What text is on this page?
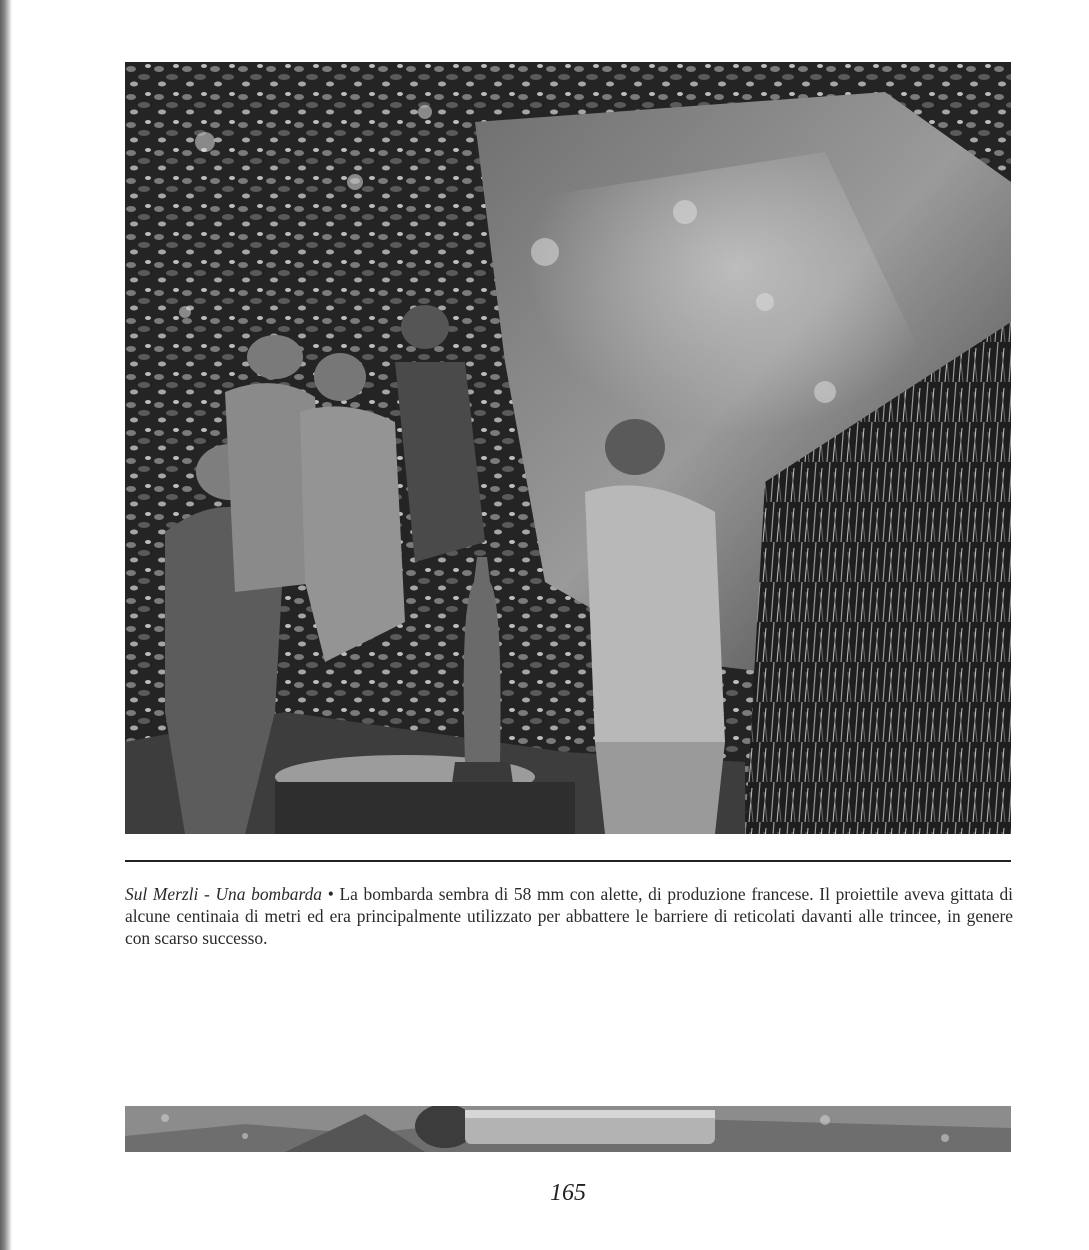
Sul Merzli - Una bombarda • La bombarda sembra di 58 mm con alette, di produzione francese. Il proiettile aveva gittata di alcune centinaia di metri ed era principalmente utilizzato per abbattere le barriere di reticolati davanti alle trincee, in genere con scarso successo.
165
